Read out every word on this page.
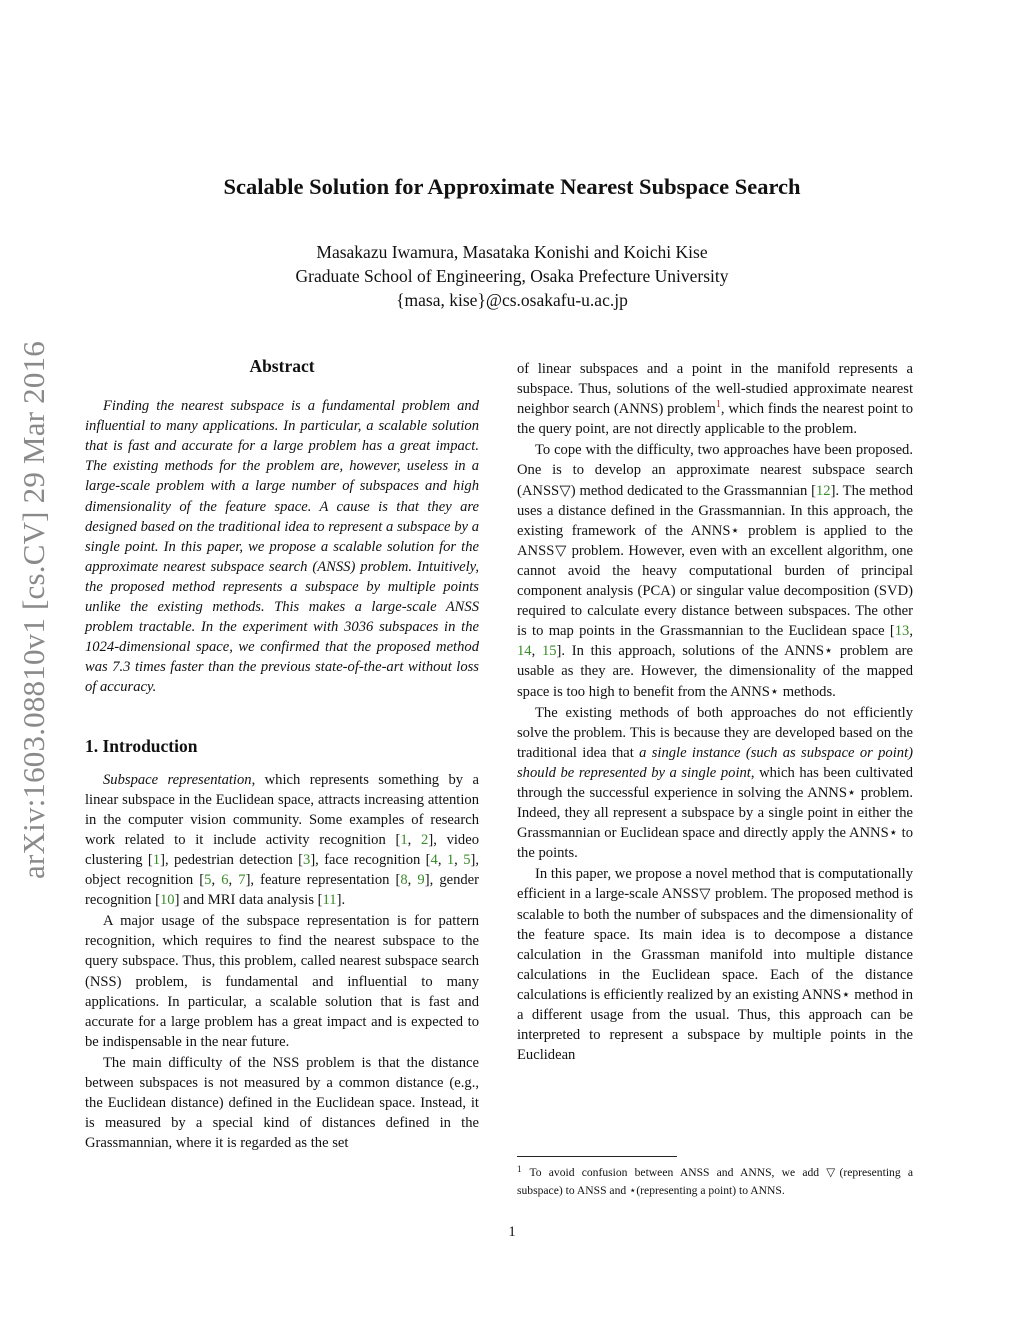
arXiv:1603.08810v1 [cs.CV] 29 Mar 2016
Scalable Solution for Approximate Nearest Subspace Search
Masakazu Iwamura, Masataka Konishi and Koichi Kise
Graduate School of Engineering, Osaka Prefecture University
{masa, kise}@cs.osakafu-u.ac.jp
Abstract

Finding the nearest subspace is a fundamental problem and influential to many applications. In particular, a scalable solution that is fast and accurate for a large problem has a great impact. The existing methods for the problem are, however, useless in a large-scale problem with a large number of subspaces and high dimensionality of the feature space. A cause is that they are designed based on the traditional idea to represent a subspace by a single point. In this paper, we propose a scalable solution for the approximate nearest subspace search (ANSS) problem. Intuitively, the proposed method represents a subspace by multiple points unlike the existing methods. This makes a large-scale ANSS problem tractable. In the experiment with 3036 subspaces in the 1024-dimensional space, we confirmed that the proposed method was 7.3 times faster than the previous state-of-the-art without loss of accuracy.

1. Introduction

Subspace representation, which represents something by a linear subspace in the Euclidean space, attracts increasing attention in the computer vision community. Some examples of research work related to it include activity recognition [1, 2], video clustering [1], pedestrian detection [3], face recognition [4, 1, 5], object recognition [5, 6, 7], feature representation [8, 9], gender recognition [10] and MRI data analysis [11].

A major usage of the subspace representation is for pattern recognition, which requires to find the nearest subspace to the query subspace. Thus, this problem, called nearest subspace search (NSS) problem, is fundamental and influential to many applications. In particular, a scalable solution that is fast and accurate for a large problem has a great impact and is expected to be indispensable in the near future.

The main difficulty of the NSS problem is that the distance between subspaces is not measured by a common distance (e.g., the Euclidean distance) defined in the Euclidean space. Instead, it is measured by a special kind of distances defined in the Grassmannian, where it is regarded as the set

of linear subspaces and a point in the manifold represents a subspace. Thus, solutions of the well-studied approximate nearest neighbor search (ANNS) problem$^1$, which finds the nearest point to the query point, are not directly applicable to the problem.

To cope with the difficulty, two approaches have been proposed. One is to develop an approximate nearest subspace search (ANSS▽) method dedicated to the Grassmannian [12]. The method uses a distance defined in the Grassmannian. In this approach, the existing framework of the ANNS⋆ problem is applied to the ANSS▽ problem. However, even with an excellent algorithm, one cannot avoid the heavy computational burden of principal component analysis (PCA) or singular value decomposition (SVD) required to calculate every distance between subspaces. The other is to map points in the Grassmannian to the Euclidean space [13, 14, 15]. In this approach, solutions of the ANNS⋆ problem are usable as they are. However, the dimensionality of the mapped space is too high to benefit from the ANNS⋆ methods.

The existing methods of both approaches do not efficiently solve the problem. This is because they are developed based on the traditional idea that a single instance (such as subspace or point) should be represented by a single point, which has been cultivated through the successful experience in solving the ANNS⋆ problem. Indeed, they all represent a subspace by a single point in either the Grassmannian or Euclidean space and directly apply the ANNS⋆ to the points.

In this paper, we propose a novel method that is computationally efficient in a large-scale ANSS▽ problem. The proposed method is scalable to both the number of subspaces and the dimensionality of the feature space. Its main idea is to decompose a distance calculation in the Grassman manifold into multiple distance calculations in the Euclidean space. Each of the distance calculations is efficiently realized by an existing ANNS⋆ method in a different usage from the usual. Thus, this approach can be interpreted to represent a subspace by multiple points in the Euclidean

$^1$ To avoid confusion between ANSS and ANNS, we add ▽(representing a subspace) to ANSS and ⋆(representing a point) to ANNS.
1
